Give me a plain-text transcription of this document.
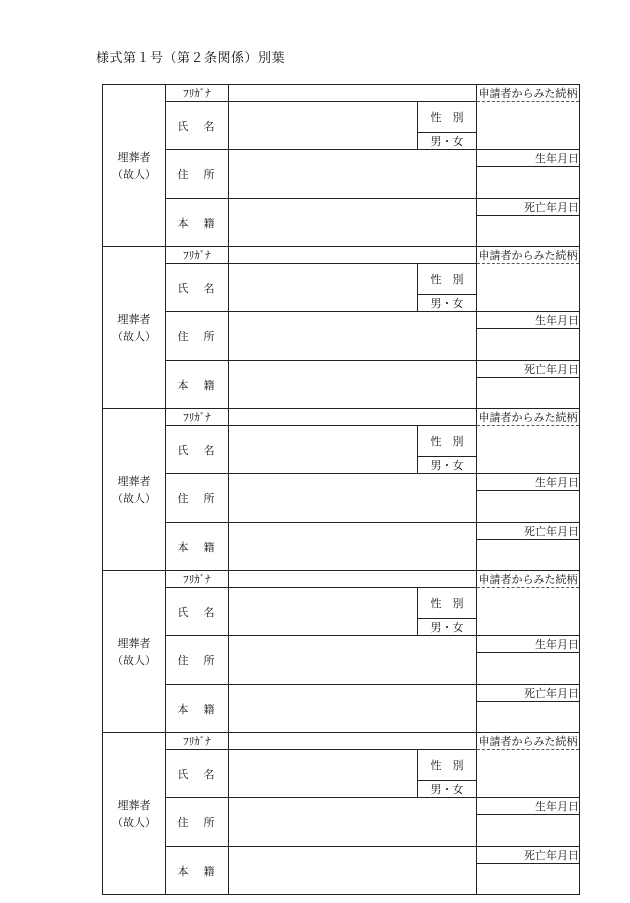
様式第１号（第２条関係）別葉
埋葬者
（故人）	ﾌﾘｶﾞﾅ			申請者からみた続柄
	氏　名		性　別	
			男・女	
	住　所			生年月日

	本　籍			死亡年月日

埋葬者
（故人）	ﾌﾘｶﾞﾅ			申請者からみた続柄
	氏　名		性　別	
			男・女	
	住　所			生年月日

	本　籍			死亡年月日

埋葬者
（故人）	ﾌﾘｶﾞﾅ			申請者からみた続柄
	氏　名		性　別	
			男・女	
	住　所			生年月日

	本　籍			死亡年月日

埋葬者
（故人）	ﾌﾘｶﾞﾅ			申請者からみた続柄
	氏　名		性　別	
			男・女	
	住　所			生年月日

	本　籍			死亡年月日

埋葬者
（故人）	ﾌﾘｶﾞﾅ			申請者からみた続柄
	氏　名		性　別	
			男・女	
	住　所			生年月日

	本　籍			死亡年月日
